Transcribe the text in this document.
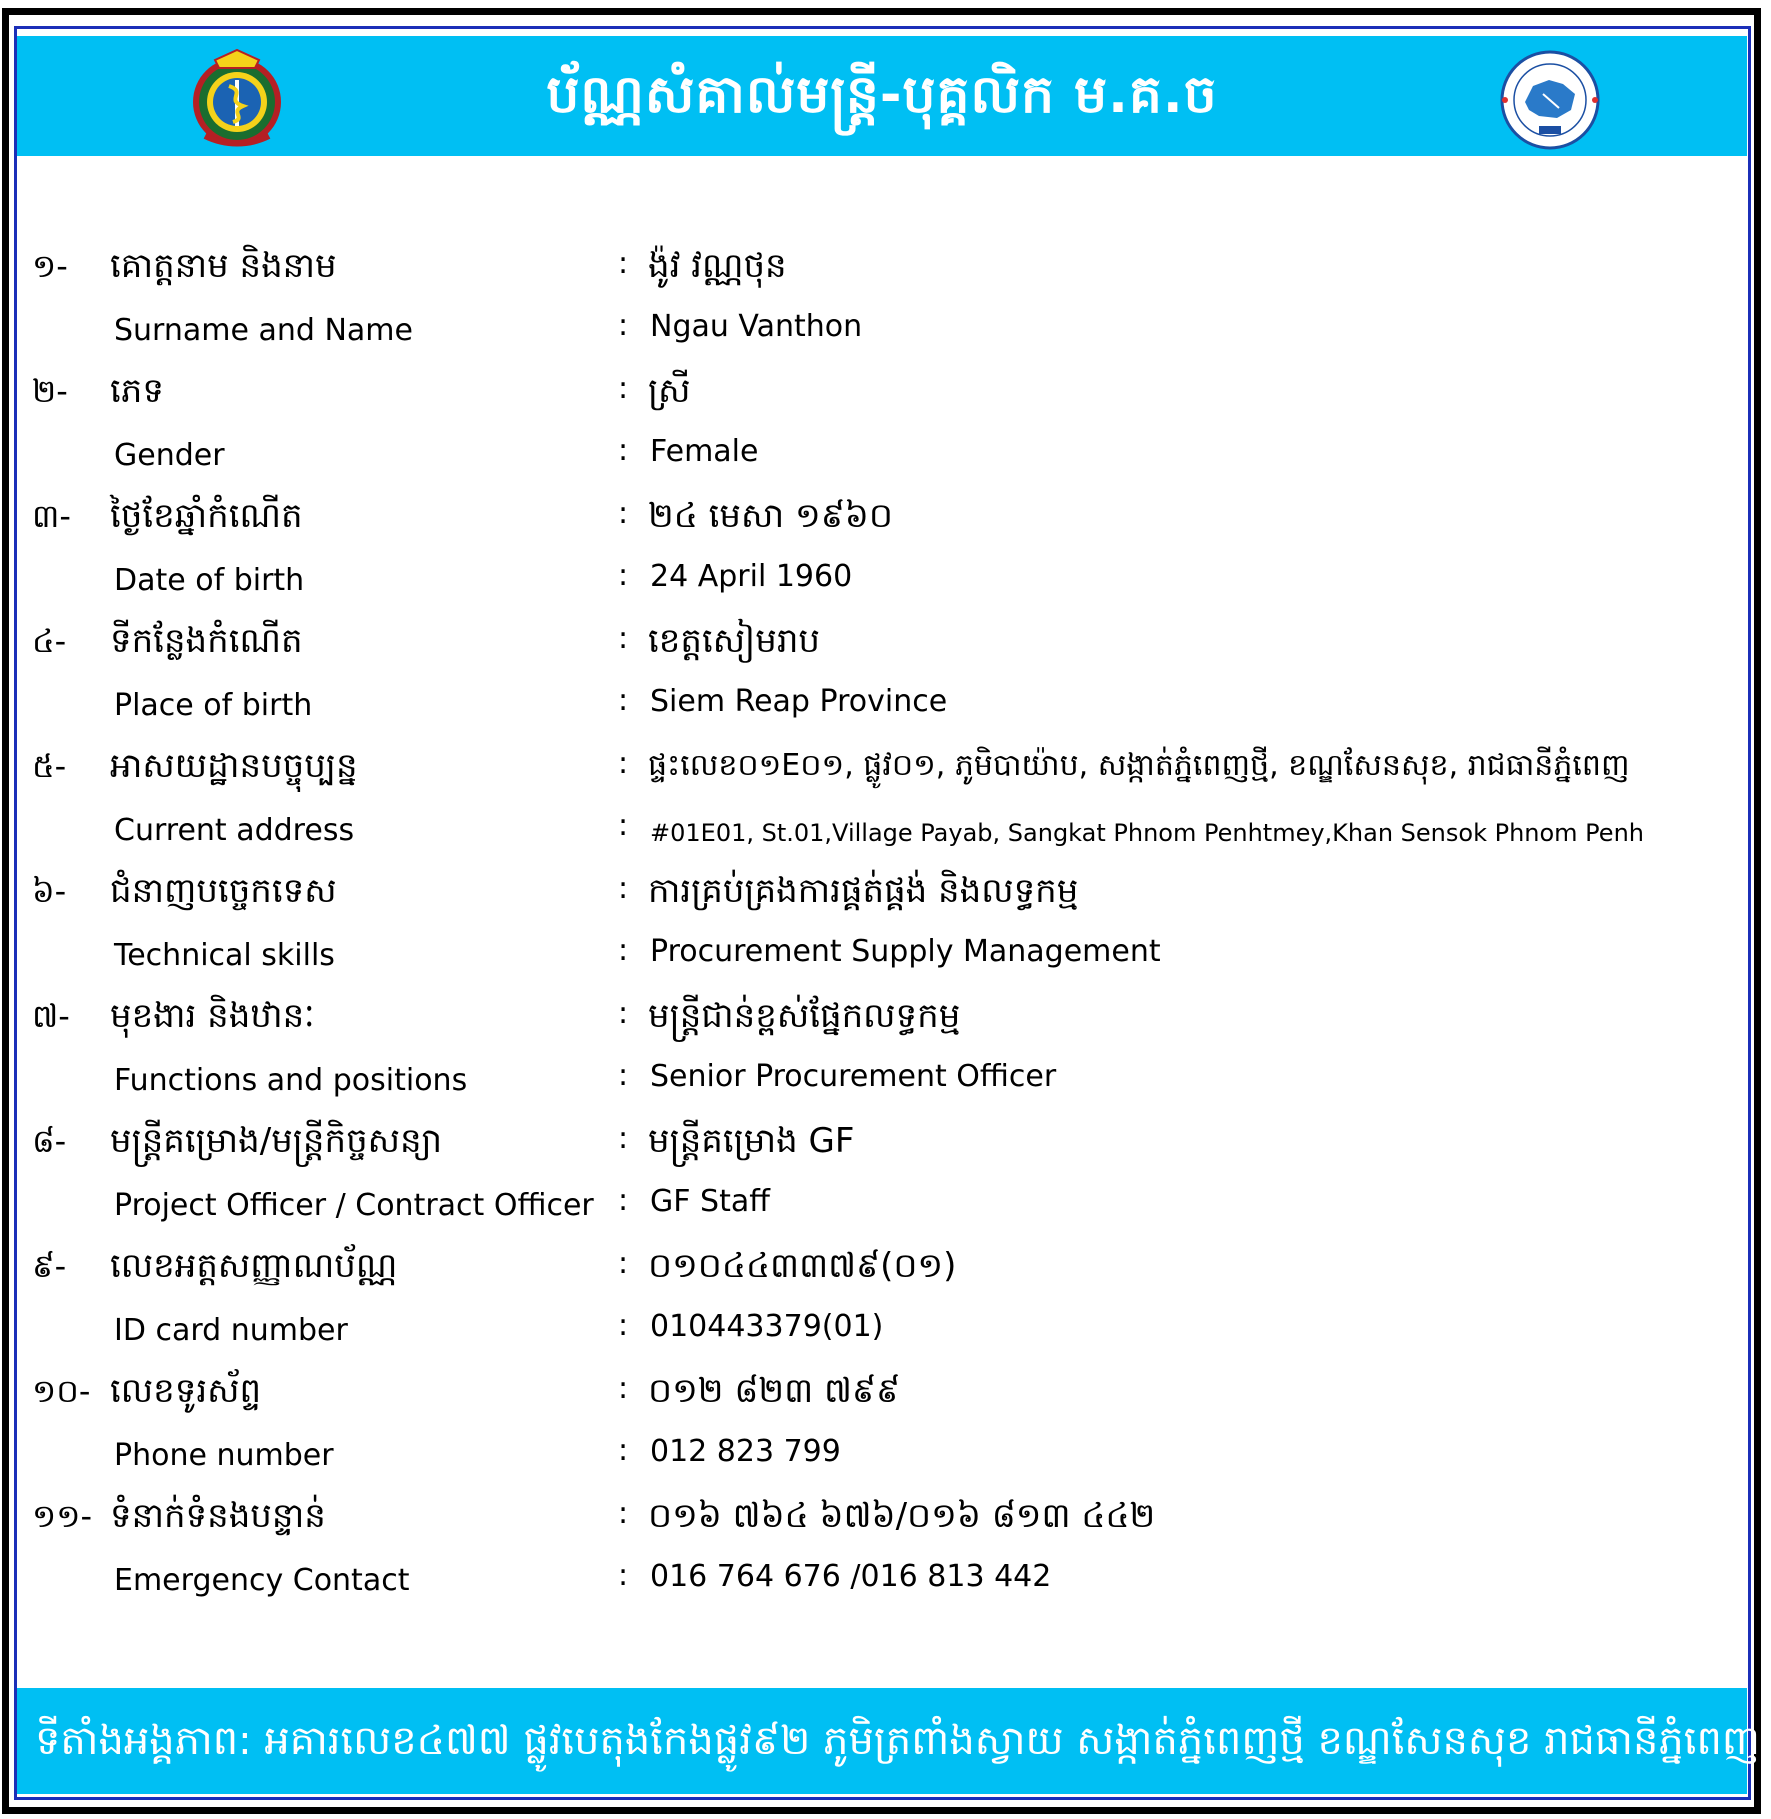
ប័ណ្ណសំគាល់មន្រ្តី-បុគ្គលិក ម.គ.ច
១- គោត្តនាម និងនាម	: ង៉ូវ វណ្ណថុន
Surname and Name	: Ngau Vanthon
២- ភេទ	: ស្រី
Gender	: Female
៣- ថ្ងៃខែឆ្នាំកំណើត	: ២៤ មេសា ១៩៦០
Date of birth	: 24 April 1960
៤- ទីកន្លែងកំណើត	: ខេត្តសៀមរាប
Place of birth	: Siem Reap Province
៥- អាសយដ្ឋានបច្ចុប្បន្ន	: ផ្ទះលេខ០១E០១, ផ្លូវ០១, ភូមិបាយ៉ាប, សង្កាត់ភ្នំពេញថ្មី, ខណ្ឌសែនសុខ, រាជធានីភ្នំពេញ
Current address	: #01E01, St.01,Village Payab, Sangkat Phnom Penhtmey,Khan Sensok Phnom Penh
៦- ជំនាញបច្ចេកទេស	: ការគ្រប់គ្រងការផ្គត់ផ្គង់ និងលទ្ធកម្ម
Technical skills	: Procurement Supply Management
៧- មុខងារ និងឋានៈ	: មន្ត្រីជាន់ខ្ពស់ផ្នែកលទ្ធកម្ម
Functions and positions	: Senior Procurement Officer
៨- មន្រ្តីគម្រោង/មន្ត្រីកិច្ចសន្យា	: មន្រ្តីគម្រោង GF
Project Officer / Contract Officer : GF Staff
៩- លេខអត្តសញ្ញាណប័ណ្ណ	: ០១០៤៤៣៣៧៩(០១)
ID card number	: 010443379(01)
១០- លេខទូរស័ព្ទ	: ០១២ ៨២៣ ៧៩៩
Phone number	: 012 823 799
១១- ទំនាក់ទំនងបន្ទាន់	: ០១៦ ៧៦៤ ៦៧៦/០១៦ ៨១៣ ៤៤២
Emergency Contact	: 016 764 676 /016 813 442
ទីតាំងអង្គភាព: អគារលេខ៤៧៧ ផ្លូវបេតុងកែងផ្លូវ៩២ ភូមិត្រពាំងស្វាយ សង្កាត់ភ្នំពេញថ្មី ខណ្ឌសែនសុខ រាជធានីភ្នំពេញ
